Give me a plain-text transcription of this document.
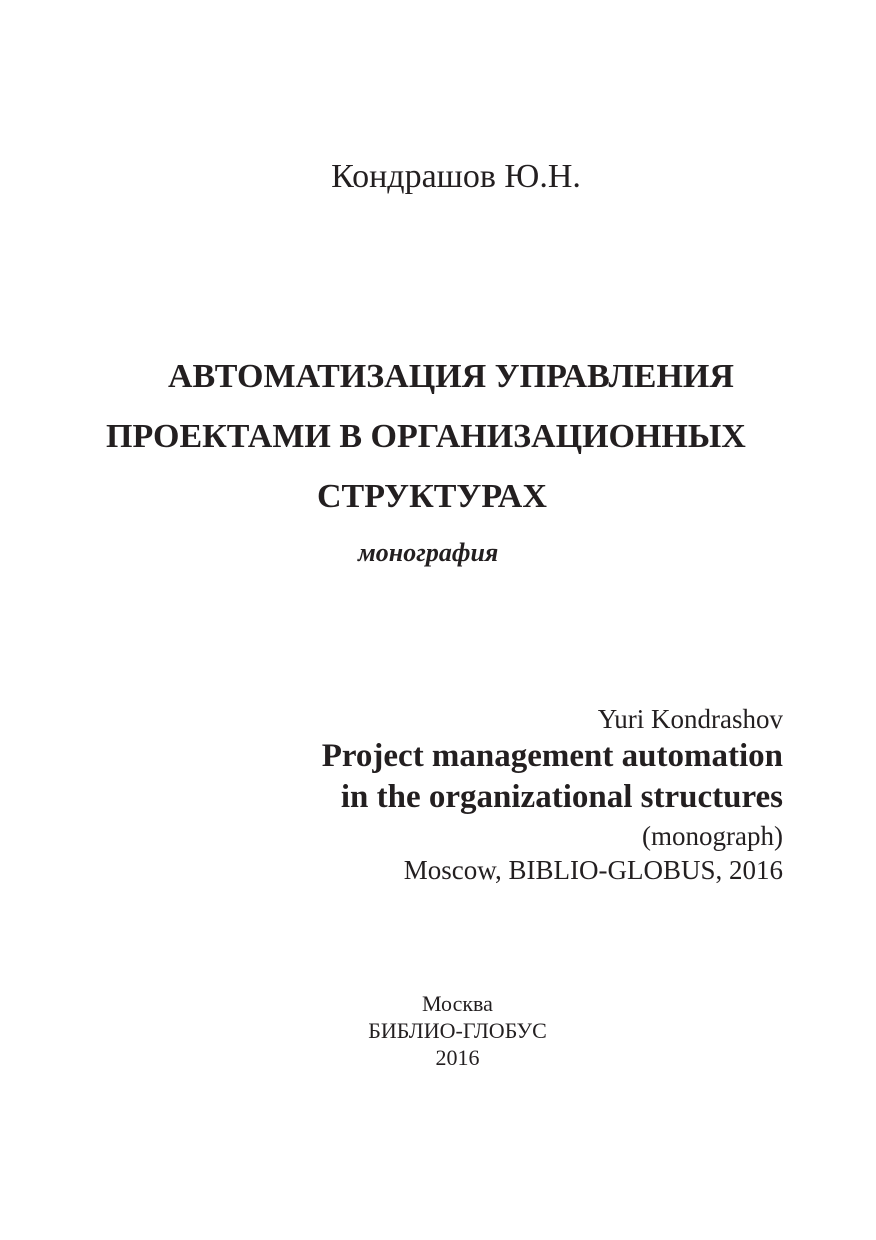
Кондрашов Ю.Н.
АВТОМАТИЗАЦИЯ УПРАВЛЕНИЯ
ПРОЕКТАМИ В ОРГАНИЗАЦИОННЫХ
СТРУКТУРАХ
монография
Yuri Kondrashov
Project management automation
in the organizational structures
(monograph)
Moscow, BIBLIO-GLOBUS, 2016
Москва
БИБЛИО-ГЛОБУС
2016
